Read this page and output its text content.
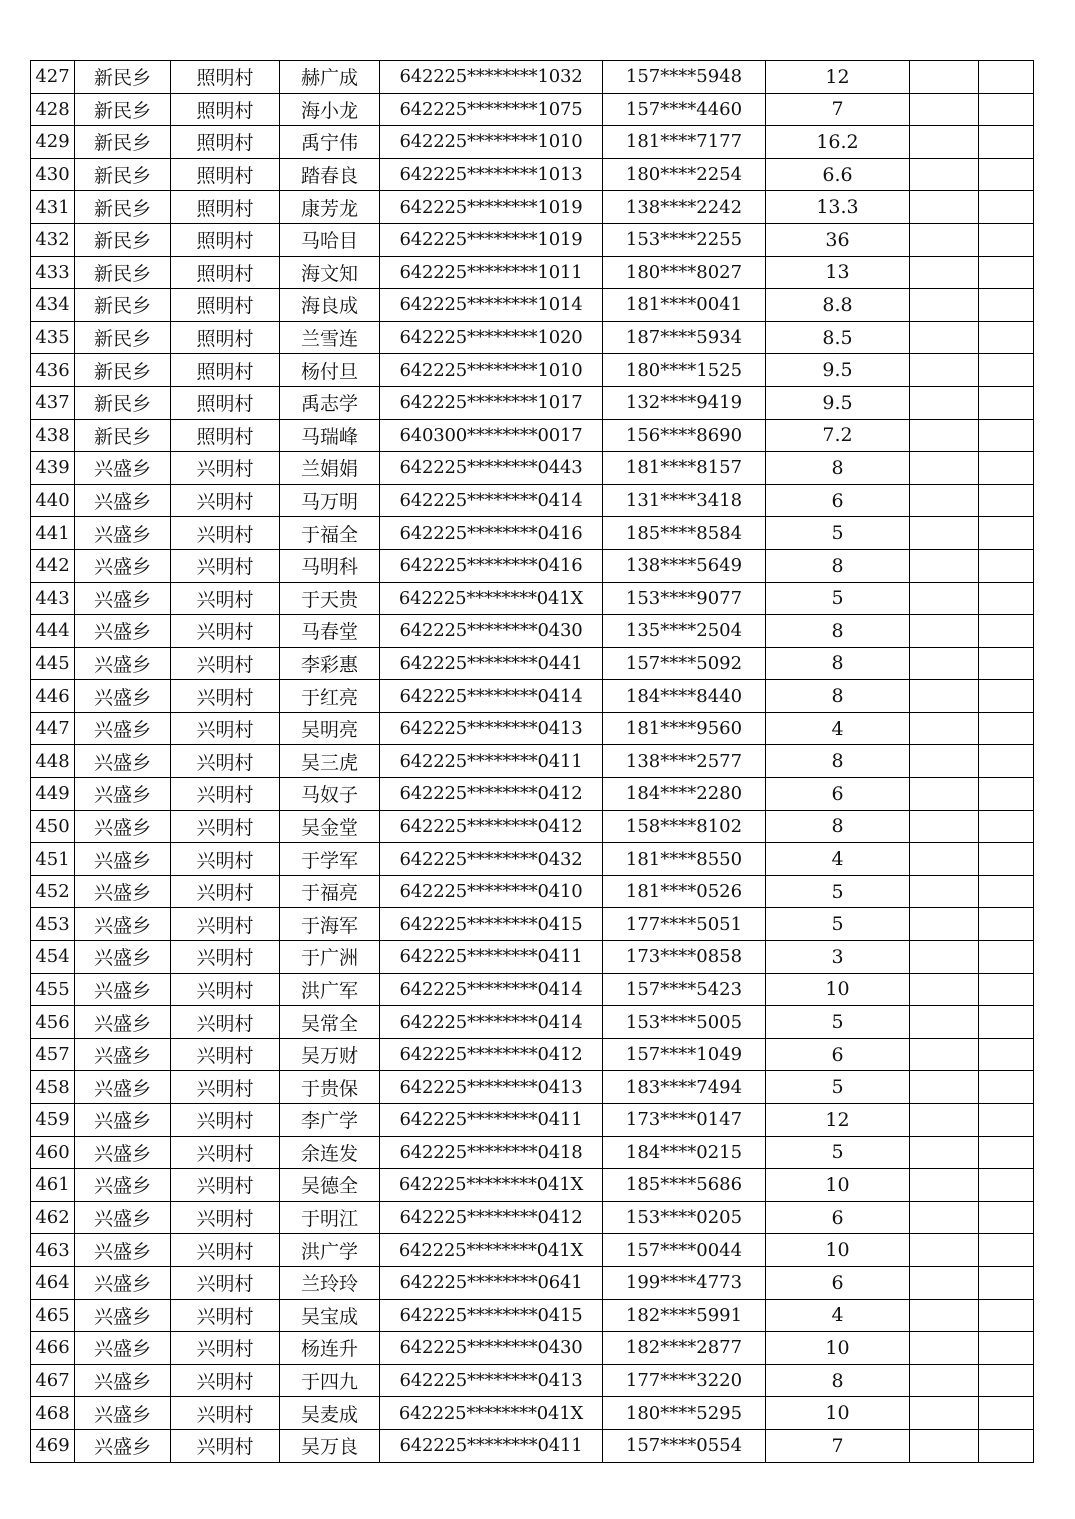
427	新民乡	照明村	赫广成	642225********1032	157****5948	12		
428	新民乡	照明村	海小龙	642225********1075	157****4460	7		
429	新民乡	照明村	禹宁伟	642225********1010	181****7177	16.2		
430	新民乡	照明村	踏春良	642225********1013	180****2254	6.6		
431	新民乡	照明村	康芳龙	642225********1019	138****2242	13.3		
432	新民乡	照明村	马哈目	642225********1019	153****2255	36		
433	新民乡	照明村	海文知	642225********1011	180****8027	13		
434	新民乡	照明村	海良成	642225********1014	181****0041	8.8		
435	新民乡	照明村	兰雪连	642225********1020	187****5934	8.5		
436	新民乡	照明村	杨付旦	642225********1010	180****1525	9.5		
437	新民乡	照明村	禹志学	642225********1017	132****9419	9.5		
438	新民乡	照明村	马瑞峰	640300********0017	156****8690	7.2		
439	兴盛乡	兴明村	兰娟娟	642225********0443	181****8157	8		
440	兴盛乡	兴明村	马万明	642225********0414	131****3418	6		
441	兴盛乡	兴明村	于福全	642225********0416	185****8584	5		
442	兴盛乡	兴明村	马明科	642225********0416	138****5649	8		
443	兴盛乡	兴明村	于天贵	642225********041X	153****9077	5		
444	兴盛乡	兴明村	马春堂	642225********0430	135****2504	8		
445	兴盛乡	兴明村	李彩惠	642225********0441	157****5092	8		
446	兴盛乡	兴明村	于红亮	642225********0414	184****8440	8		
447	兴盛乡	兴明村	吴明亮	642225********0413	181****9560	4		
448	兴盛乡	兴明村	吴三虎	642225********0411	138****2577	8		
449	兴盛乡	兴明村	马奴子	642225********0412	184****2280	6		
450	兴盛乡	兴明村	吴金堂	642225********0412	158****8102	8		
451	兴盛乡	兴明村	于学军	642225********0432	181****8550	4		
452	兴盛乡	兴明村	于福亮	642225********0410	181****0526	5		
453	兴盛乡	兴明村	于海军	642225********0415	177****5051	5		
454	兴盛乡	兴明村	于广洲	642225********0411	173****0858	3		
455	兴盛乡	兴明村	洪广军	642225********0414	157****5423	10		
456	兴盛乡	兴明村	吴常全	642225********0414	153****5005	5		
457	兴盛乡	兴明村	吴万财	642225********0412	157****1049	6		
458	兴盛乡	兴明村	于贵保	642225********0413	183****7494	5		
459	兴盛乡	兴明村	李广学	642225********0411	173****0147	12		
460	兴盛乡	兴明村	余连发	642225********0418	184****0215	5		
461	兴盛乡	兴明村	吴德全	642225********041X	185****5686	10		
462	兴盛乡	兴明村	于明江	642225********0412	153****0205	6		
463	兴盛乡	兴明村	洪广学	642225********041X	157****0044	10		
464	兴盛乡	兴明村	兰玲玲	642225********0641	199****4773	6		
465	兴盛乡	兴明村	吴宝成	642225********0415	182****5991	4		
466	兴盛乡	兴明村	杨连升	642225********0430	182****2877	10		
467	兴盛乡	兴明村	于四九	642225********0413	177****3220	8		
468	兴盛乡	兴明村	吴麦成	642225********041X	180****5295	10		
469	兴盛乡	兴明村	吴万良	642225********0411	157****0554	7		
